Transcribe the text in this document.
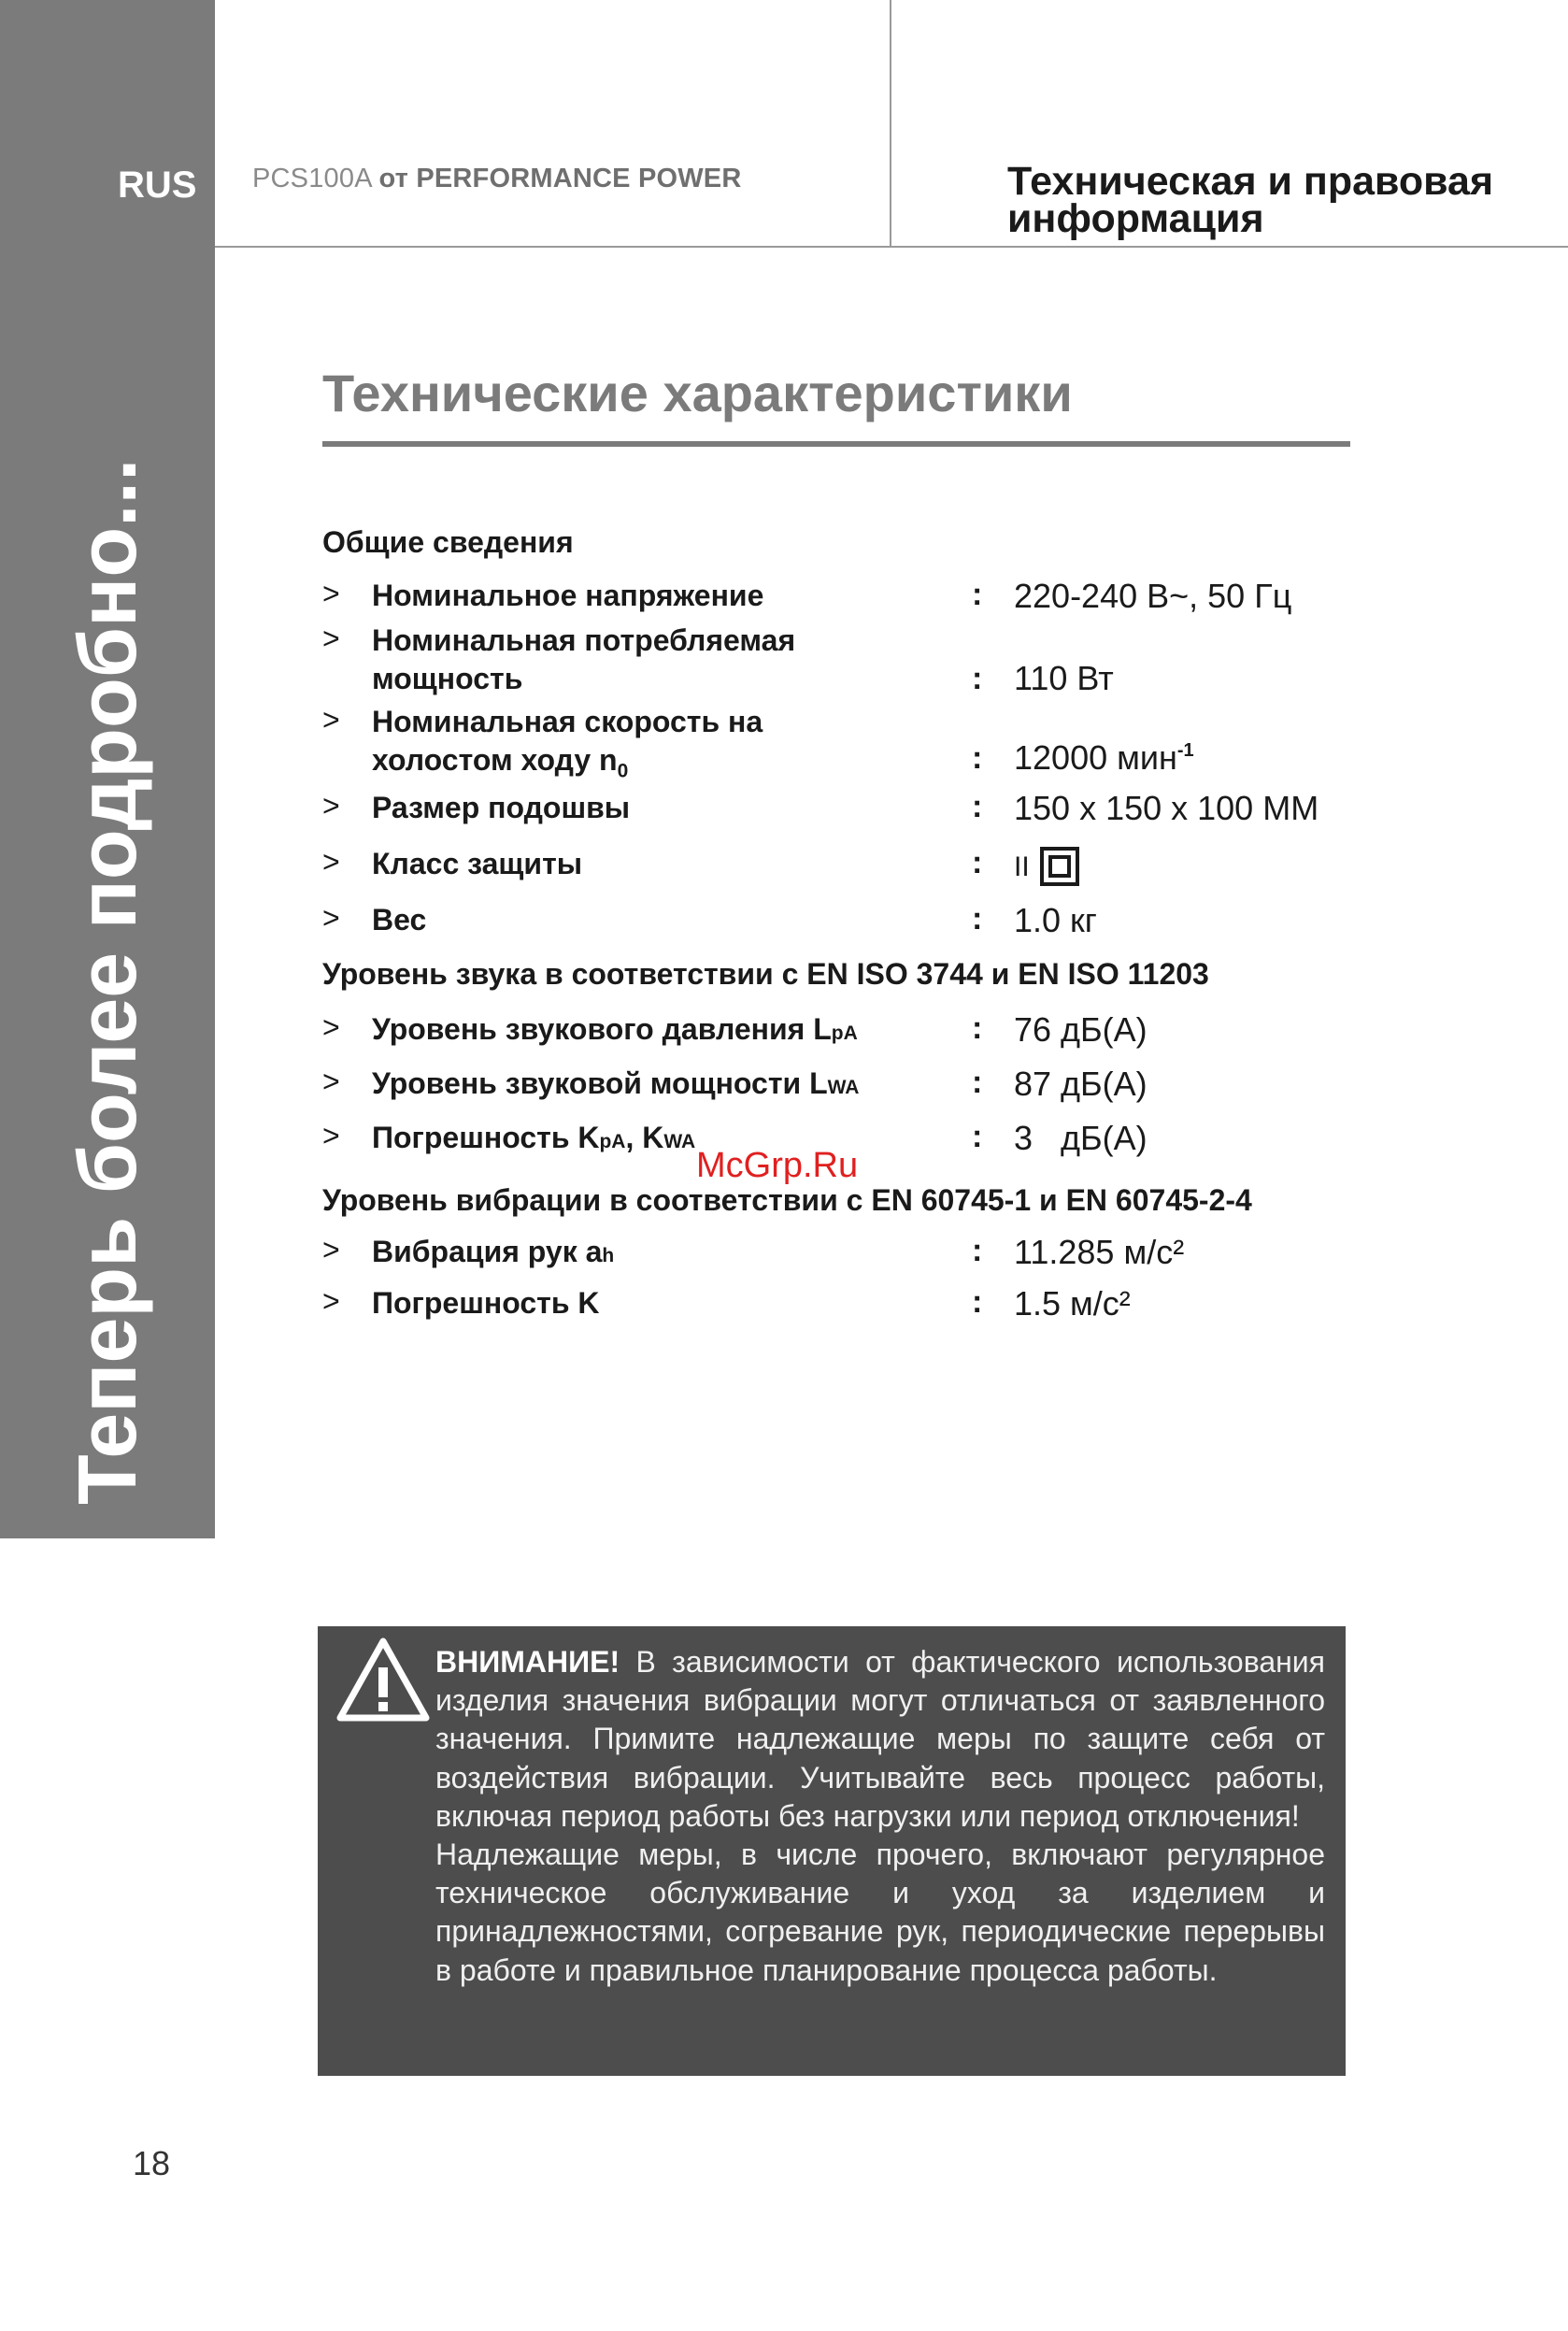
RUS
Теперь более подробно...
PCS100A от PERFORMANCE POWER	Техническая и правовая информация
Технические характеристики
Общие сведения
> Номинальное напряжение	: 220-240 В~, 50 Гц
> Номинальная потребляемая мощность	: 110 Вт
> Номинальная скорость на холостом ходу $n_0$	: 12000 мин$^{-1}$
> Размер подошвы	: 150 x 150 x 100 ММ
> Класс защиты	: II
> Вес	: 1.0 кг
Уровень звука в соответствии с EN ISO 3744 и EN ISO 11203
> Уровень звукового давления LpA	: 76 дБ(A)
> Уровень звуковой мощности LWA	: 87 дБ(A)
> Погрешность KpA, KWA	: 3   дБ(A)
Уровень вибрации в соответствии с EN 60745-1 и EN 60745-2-4
> Вибрация рук ah	: 11.285 м/с²
> Погрешность K	: 1.5 м/с²
McGrp.Ru

ВНИМАНИЕ! В зависимости от фактического использования изделия значения вибрации могут отличаться от заявленного значения. Примите надлежащие меры по защите себя от воздействия вибрации. Учитывайте весь процесс работы, включая период работы без нагрузки или период отключения!

Надлежащие меры, в числе прочего, включают регулярное техническое обслуживание и уход за изделием и принадлежностями, согревание рук, периодические перерывы в работе и правильное планирование процесса работы.

18
